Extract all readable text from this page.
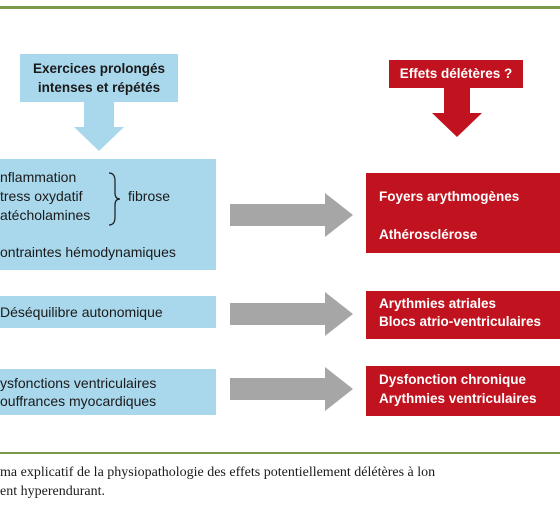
Exercices prolongés
intenses et répétés
Effets délétères ?
nflammation
tress oxydatif
atécholamines
fibrose
ontraintes hémodynamiques
Déséquilibre autonomique
ysfonctions ventriculaires
ouffrances myocardiques
Foyers arythmogènes
Athérosclérose
Arythmies atriales
Blocs atrio-ventriculaires
Dysfonction chronique
Arythmies ventriculaires
ma explicatif de la physiopathologie des effets potentiellement délétères à lon
ent hyperendurant.
